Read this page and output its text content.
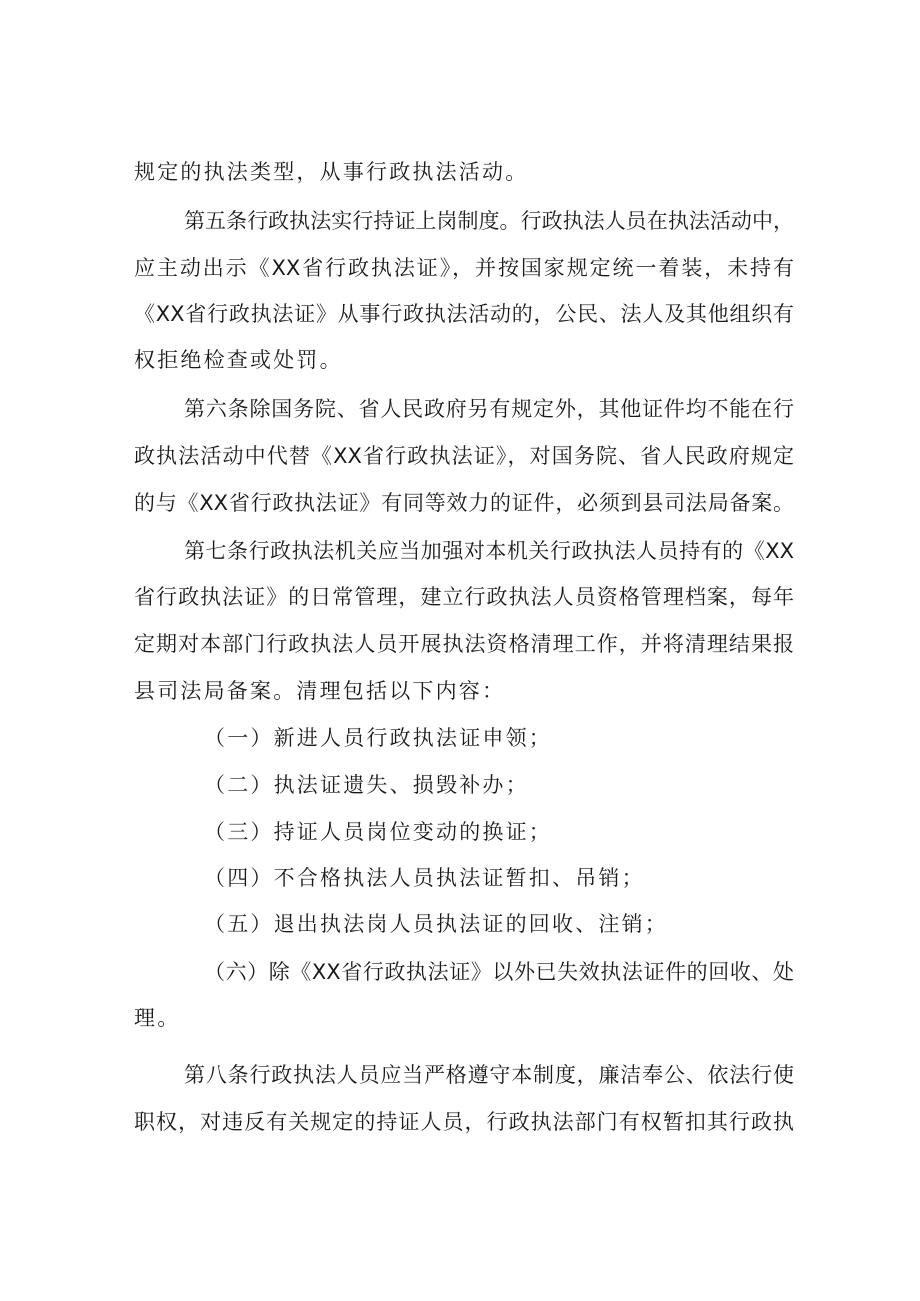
规定的执法类型，从事行政执法活动。

第五条行政执法实行持证上岗制度。行政执法人员在执法活动中，

应主动出示《XX省行政执法证》，并按国家规定统一着装，未持有

《XX省行政执法证》从事行政执法活动的，公民、法人及其他组织有

权拒绝检查或处罚。

第六条除国务院、省人民政府另有规定外，其他证件均不能在行

政执法活动中代替《XX省行政执法证》，对国务院、省人民政府规定

的与《XX省行政执法证》有同等效力的证件，必须到县司法局备案。

第七条行政执法机关应当加强对本机关行政执法人员持有的《XX

省行政执法证》的日常管理，建立行政执法人员资格管理档案，每年

定期对本部门行政执法人员开展执法资格清理工作，并将清理结果报

县司法局备案。清理包括以下内容：

（一）新进人员行政执法证申领；

（二）执法证遗失、损毁补办；

（三）持证人员岗位变动的换证；

（四）不合格执法人员执法证暂扣、吊销；

（五）退出执法岗人员执法证的回收、注销；

（六）除《XX省行政执法证》以外已失效执法证件的回收、处

理。

第八条行政执法人员应当严格遵守本制度，廉洁奉公、依法行使

职权，对违反有关规定的持证人员，行政执法部门有权暂扣其行政执
